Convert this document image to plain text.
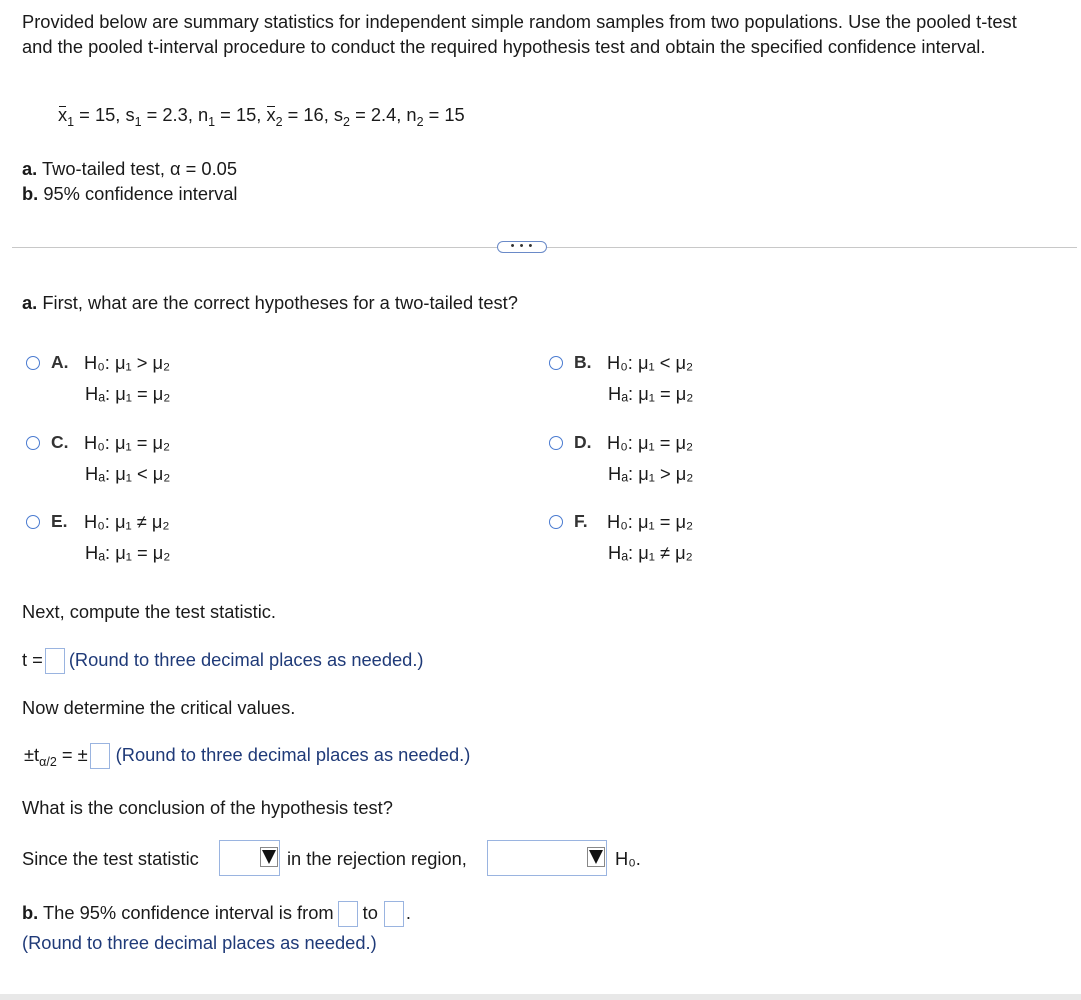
Provided below are summary statistics for independent simple random samples from two populations. Use the pooled t-test and the pooled t-interval procedure to conduct the required hypothesis test and obtain the specified confidence interval.
$x_1 = 15$, $s_1 = 2.3$, $n_1 = 15$, $x_2 = 16$, $s_2 = 2.4$, $n_2 = 15$
a. Two-tailed test, α = 0.05
b. 95% confidence interval
• • •
a. First, what are the correct hypotheses for a two-tailed test?
A. H₀: μ₁ > μ₂
Hₐ: μ₁ = μ₂
B. H₀: μ₁ < μ₂
Hₐ: μ₁ = μ₂
C. H₀: μ₁ = μ₂
Hₐ: μ₁ < μ₂
D. H₀: μ₁ = μ₂
Hₐ: μ₁ > μ₂
E. H₀: μ₁ ≠ μ₂
Hₐ: μ₁ = μ₂
F. H₀: μ₁ = μ₂
Hₐ: μ₁ ≠ μ₂
Next, compute the test statistic.
t = (Round to three decimal places as needed.)
Now determine the critical values.
$\pm t_{\alpha/2}$ = ± (Round to three decimal places as needed.)
What is the conclusion of the hypothesis test?
Since the test statistic	in the rejection region,	H₀.
b. The 95% confidence interval is from to .
(Round to three decimal places as needed.)
